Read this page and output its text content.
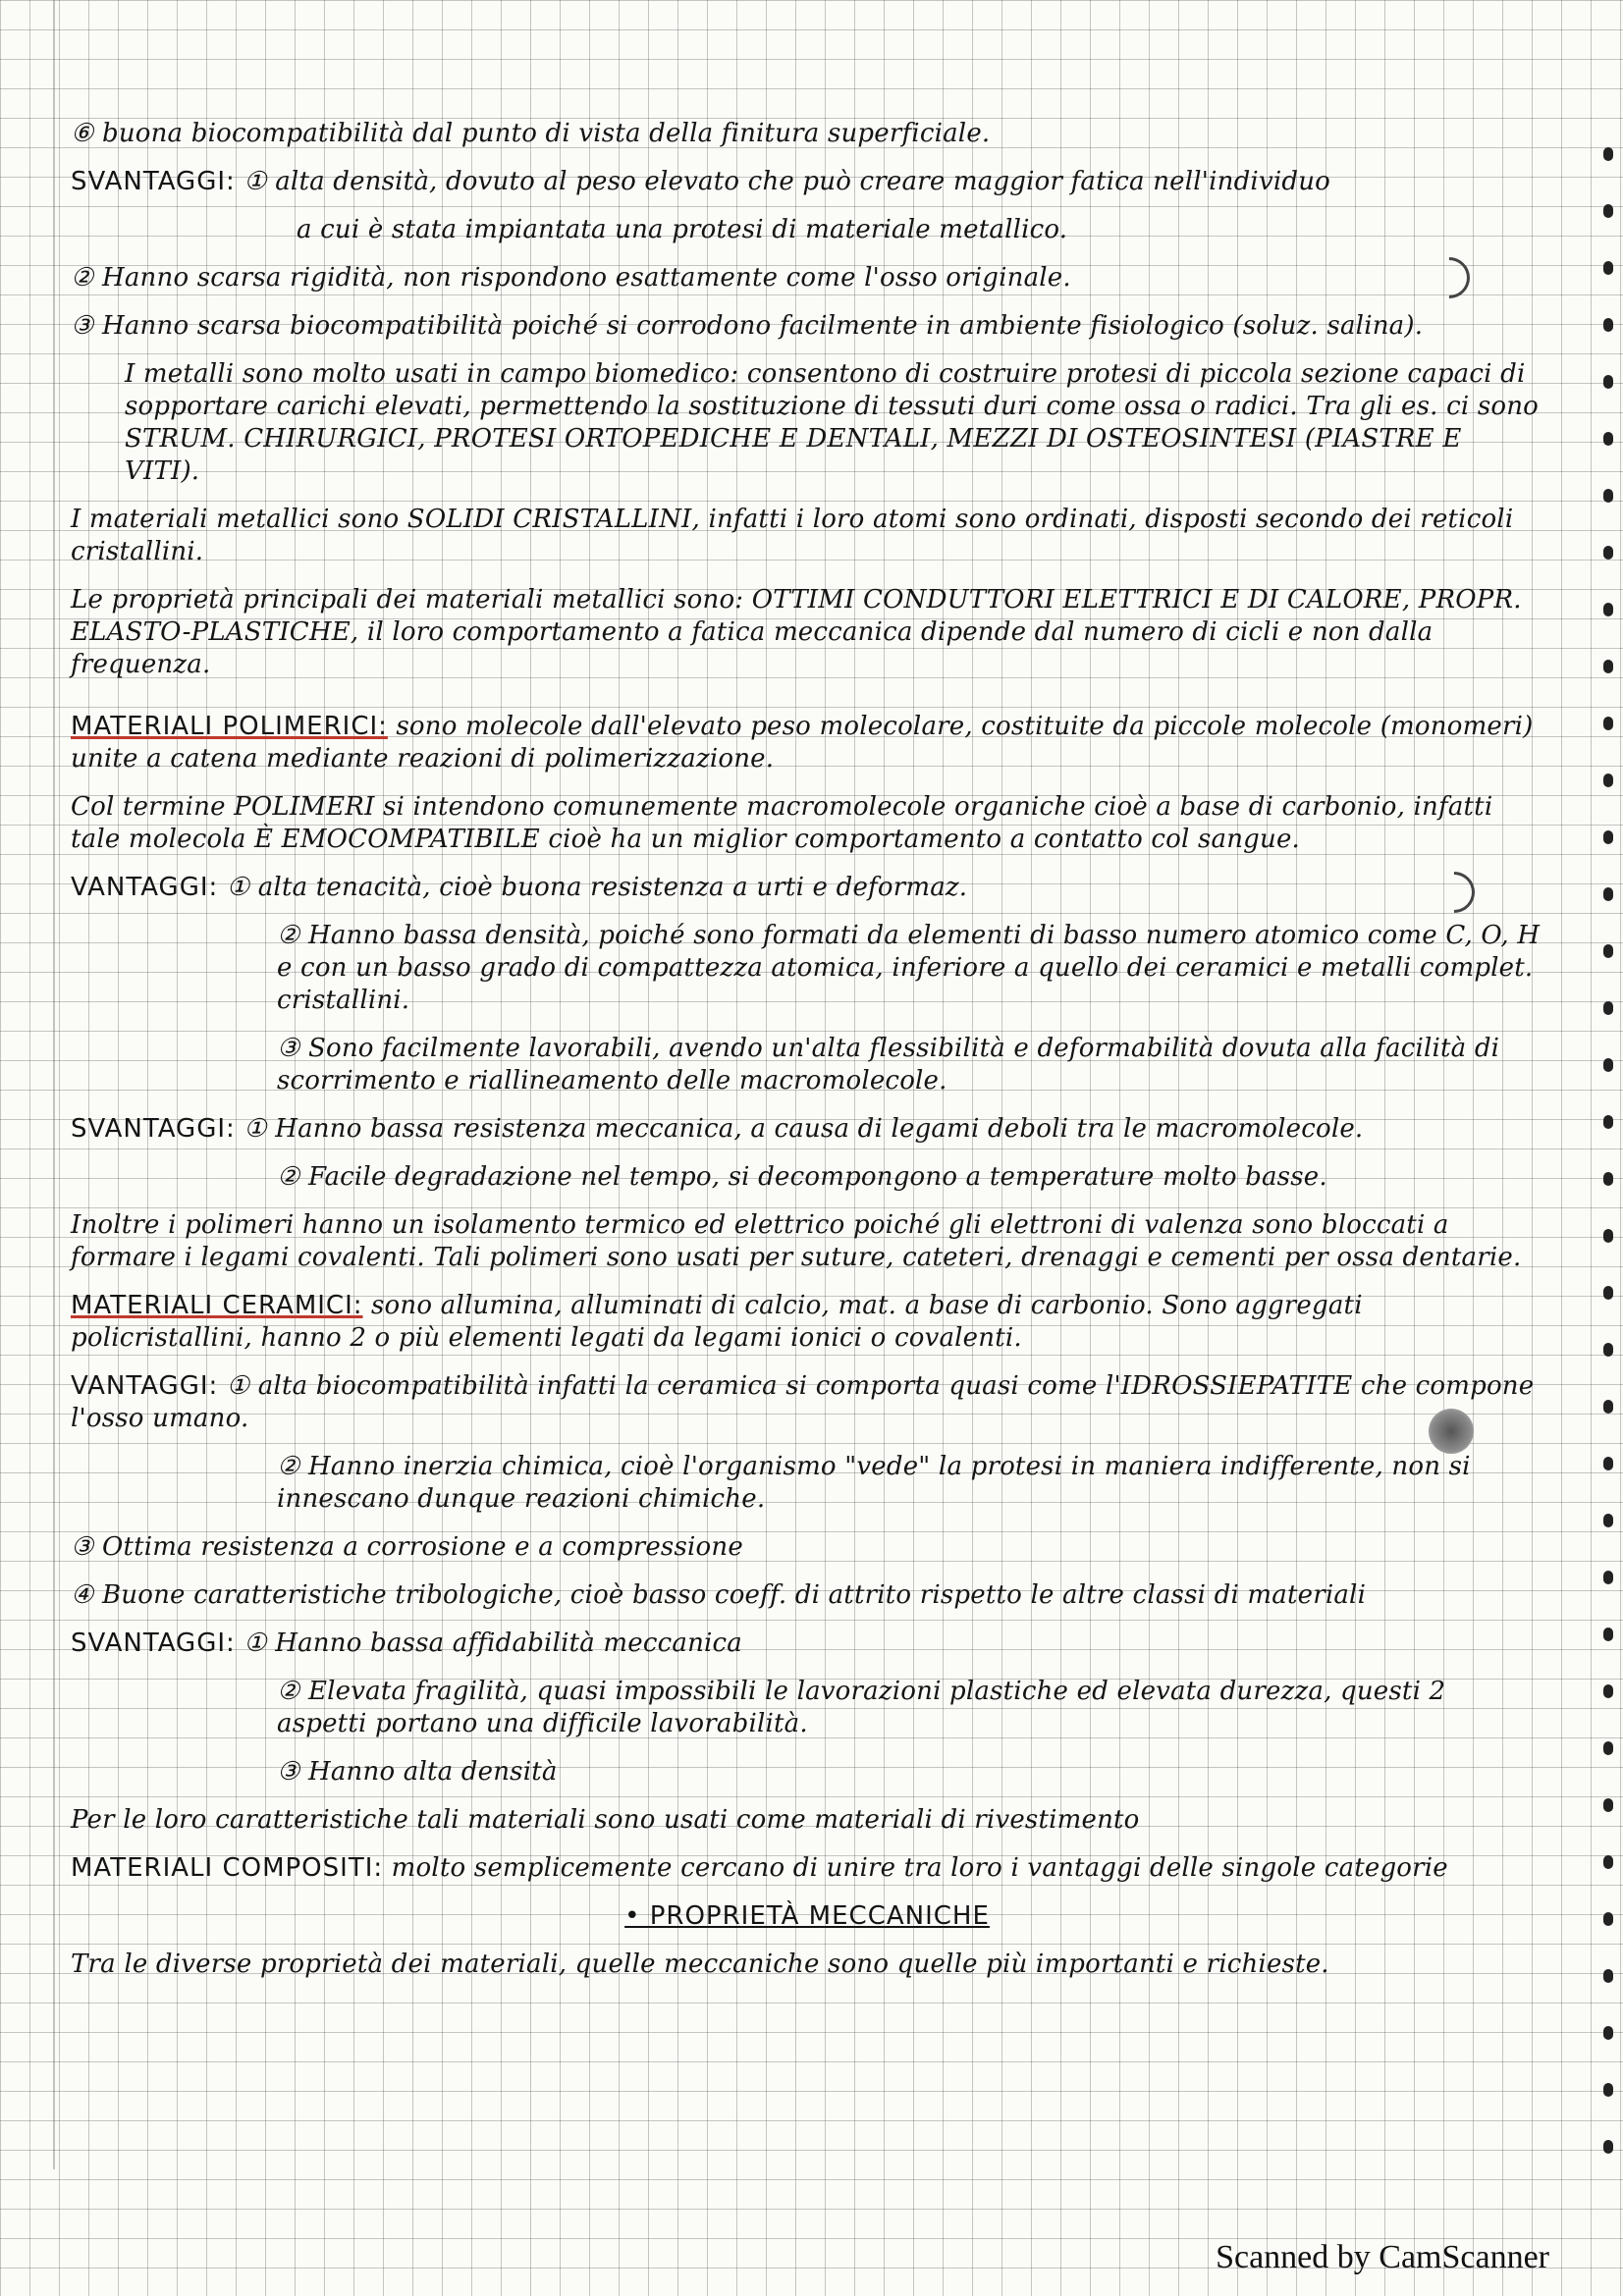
⑥ buona biocompatibilità dal punto di vista della finitura superficiale.

SVANTAGGI: ① alta densità, dovuto al peso elevato che può creare maggior fatica nell'individuo

a cui è stata impiantata una protesi di materiale metallico.

② Hanno scarsa rigidità, non rispondono esattamente come l'osso originale.

③ Hanno scarsa biocompatibilità poiché si corrodono facilmente in ambiente fisiologico (soluz. salina).

I metalli sono molto usati in campo biomedico: consentono di costruire protesi di piccola sezione capaci di sopportare carichi elevati, permettendo la sostituzione di tessuti duri come ossa o radici. Tra gli es. ci sono STRUM. CHIRURGICI, PROTESI ORTOPEDICHE E DENTALI, MEZZI DI OSTEOSINTESI (PIASTRE E VITI).

I materiali metallici sono SOLIDI CRISTALLINI, infatti i loro atomi sono ordinati, disposti secondo dei reticoli cristallini.

Le proprietà principali dei materiali metallici sono: OTTIMI CONDUTTORI ELETTRICI E DI CALORE, PROPR. ELASTO-PLASTICHE, il loro comportamento a fatica meccanica dipende dal numero di cicli e non dalla frequenza.

MATERIALI POLIMERICI: sono molecole dall'elevato peso molecolare, costituite da piccole molecole (monomeri) unite a catena mediante reazioni di polimerizzazione.

Col termine POLIMERI si intendono comunemente macromolecole organiche cioè a base di carbonio, infatti tale molecola È EMOCOMPATIBILE cioè ha un miglior comportamento a contatto col sangue.

VANTAGGI: ① alta tenacità, cioè buona resistenza a urti e deformaz.

② Hanno bassa densità, poiché sono formati da elementi di basso numero atomico come C, O, H e con un basso grado di compattezza atomica, inferiore a quello dei ceramici e metalli complet. cristallini.

③ Sono facilmente lavorabili, avendo un'alta flessibilità e deformabilità dovuta alla facilità di scorrimento e riallineamento delle macromolecole.

SVANTAGGI: ① Hanno bassa resistenza meccanica, a causa di legami deboli tra le macromolecole.

② Facile degradazione nel tempo, si decompongono a temperature molto basse.

Inoltre i polimeri hanno un isolamento termico ed elettrico poiché gli elettroni di valenza sono bloccati a formare i legami covalenti. Tali polimeri sono usati per suture, cateteri, drenaggi e cementi per ossa dentarie.

MATERIALI CERAMICI: sono allumina, alluminati di calcio, mat. a base di carbonio. Sono aggregati policristallini, hanno 2 o più elementi legati da legami ionici o covalenti.

VANTAGGI: ① alta biocompatibilità infatti la ceramica si comporta quasi come l'IDROSSIEPATITE che compone l'osso umano.

② Hanno inerzia chimica, cioè l'organismo "vede" la protesi in maniera indifferente, non si innescano dunque reazioni chimiche.

③ Ottima resistenza a corrosione e a compressione

④ Buone caratteristiche tribologiche, cioè basso coeff. di attrito rispetto le altre classi di materiali

SVANTAGGI: ① Hanno bassa affidabilità meccanica

② Elevata fragilità, quasi impossibili le lavorazioni plastiche ed elevata durezza, questi 2 aspetti portano una difficile lavorabilità.

③ Hanno alta densità

Per le loro caratteristiche tali materiali sono usati come materiali di rivestimento

MATERIALI COMPOSITI: molto semplicemente cercano di unire tra loro i vantaggi delle singole categorie

• PROPRIETÀ MECCANICHE

Tra le diverse proprietà dei materiali, quelle meccaniche sono quelle più importanti e richieste.

Scanned by CamScanner
